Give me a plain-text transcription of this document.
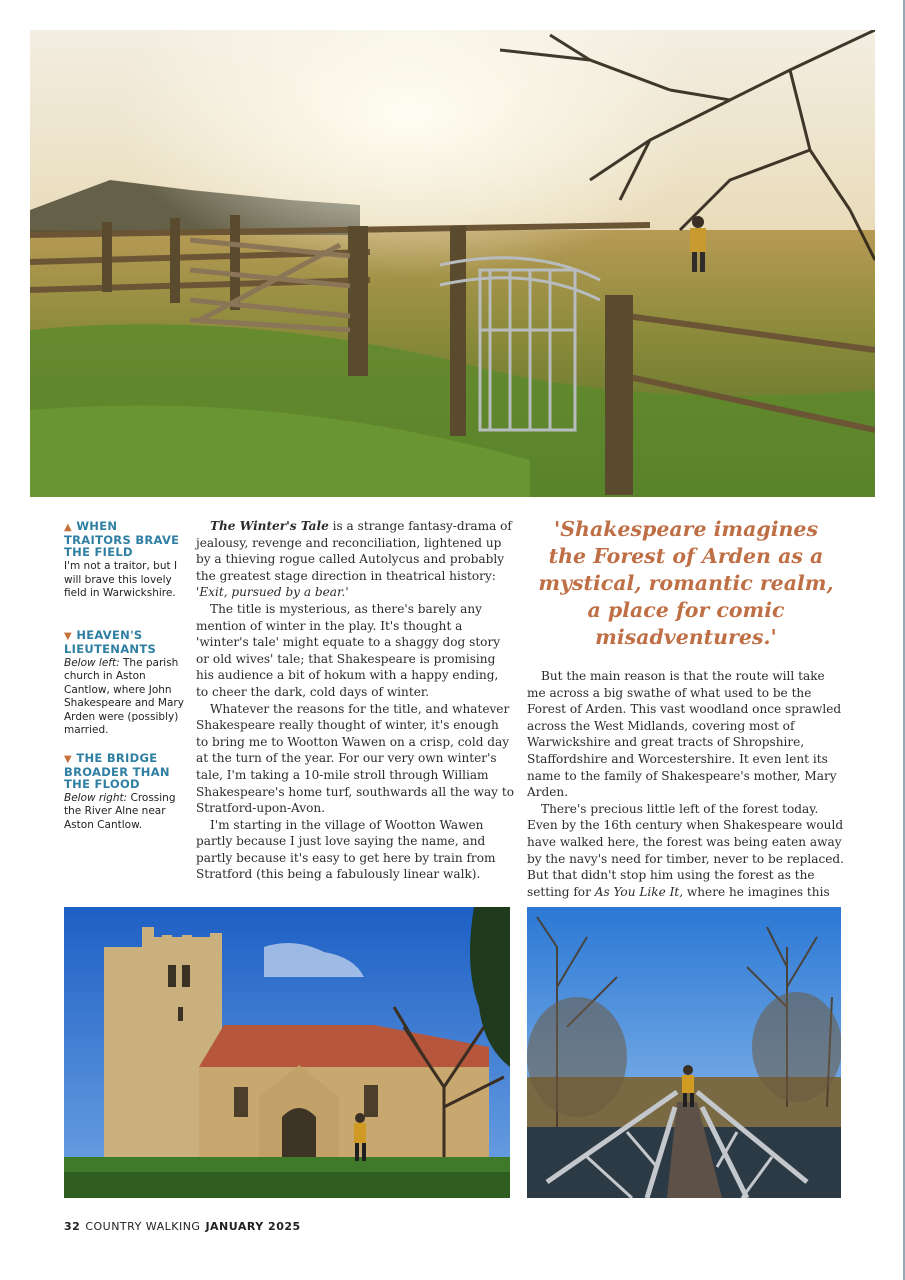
▲ WHEN TRAITORS BRAVE THE FIELD
I'm not a traitor, but I will brave this lovely field in Warwickshire.
▼ HEAVEN'S LIEUTENANTS
Below left: The parish church in Aston Cantlow, where John Shakespeare and Mary Arden were (possibly) married.
▼ THE BRIDGE BROADER THAN THE FLOOD
Below right: Crossing the River Alne near Aston Cantlow.

The Winter's Tale is a strange fantasy-drama of jealousy, revenge and reconciliation, lightened up by a thieving rogue called Autolycus and probably the greatest stage direction in theatrical history: 'Exit, pursued by a bear.'

The title is mysterious, as there's barely any mention of winter in the play. It's thought a 'winter's tale' might equate to a shaggy dog story or old wives' tale; that Shakespeare is promising his audience a bit of hokum with a happy ending, to cheer the dark, cold days of winter.

Whatever the reasons for the title, and whatever Shakespeare really thought of winter, it's enough to bring me to Wootton Wawen on a crisp, cold day at the turn of the year. For our very own winter's tale, I'm taking a 10-mile stroll through William Shakespeare's home turf, southwards all the way to Stratford-upon-Avon.

I'm starting in the village of Wootton Wawen partly because I just love saying the name, and partly because it's easy to get here by train from Stratford (this being a fabulously linear walk).

'Shakespeare imagines the Forest of Arden as a mystical, romantic realm, a place for comic misadventures.'

But the main reason is that the route will take me across a big swathe of what used to be the Forest of Arden. This vast woodland once sprawled across the West Midlands, covering most of Warwickshire and great tracts of Shropshire, Staffordshire and Worcestershire. It even lent its name to the family of Shakespeare's mother, Mary Arden.

There's precious little left of the forest today. Even by the 16th century when Shakespeare would have walked here, the forest was being eaten away by the navy's need for timber, never to be replaced. But that didn't stop him using the forest as the setting for As You Like It, where he imagines this

32 COUNTRY WALKING JANUARY 2025
